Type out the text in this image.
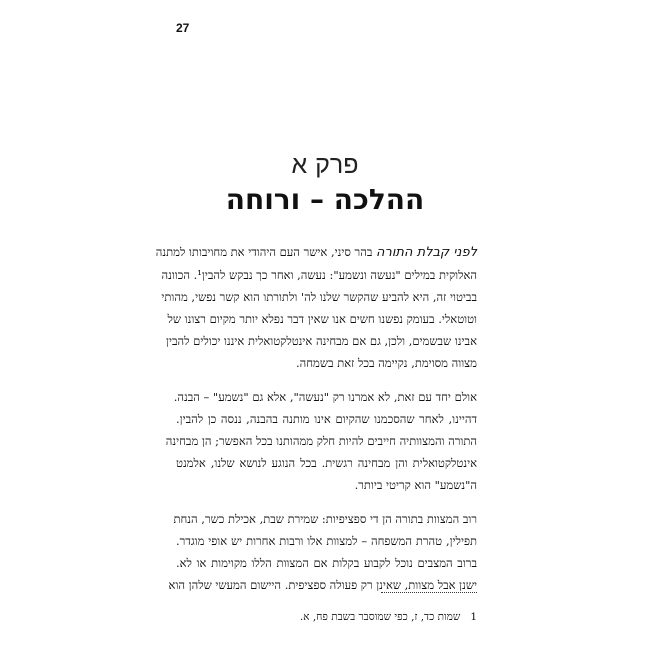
27
פרק א
ההלכה – ורוחה

לפני קבלת התורה בהר סיני, אישר העם היהודי את מחויבותו למתנה
האלוקית במילים "נעשה ונשמע": נעשה, ואחר כך נבקש להבין¹. הכוונה
בביטוי זה, היא להביע שהקשר שלנו לה' ולתורתו הוא קשר נפשי, מהותי
וטוטאלי. בעומק נפשנו חשים אנו שאין דבר נפלא יותר מקיום רצונו של
אבינו שבשמים, ולכן, גם אם מבחינה אינטלקטואלית איננו יכולים להבין
מצווה מסוימת, נקיימה בכל זאת בשמחה.

אולם יחד עם זאת, לא אמרנו רק "נעשה", אלא גם "נשמע" – הבנה.
דהיינו, לאחר שהסכמנו שהקיום אינו מותנה בהבנה, ננסה כן להבין.
התורה והמצוותיה חייבים להיות חלק ממהותנו בכל האפשר; הן מבחינה
אינטלקטואלית והן מבחינה רגשית. בכל הנוגע לנושא שלנו, אלמנט
ה"נשמע" הוא קריטי ביותר.

רוב המצוות בתורה הן די ספציפיות: שמירת שבת, אכילת כשר, הנחת
תפילין, טהרת המשפחה – למצוות אלו ורבות אחרות יש אופי מוגדר.
ברוב המצבים נוכל לקבוע בקלות אם המצוות הללו מקוימות או לא.
ישנן אבל מצוות, שאינן רק פעולה ספציפית. היישום המעשי שלהן הוא

1שמות כד, ז, כפי שמוסבר בשבת פח, א.
